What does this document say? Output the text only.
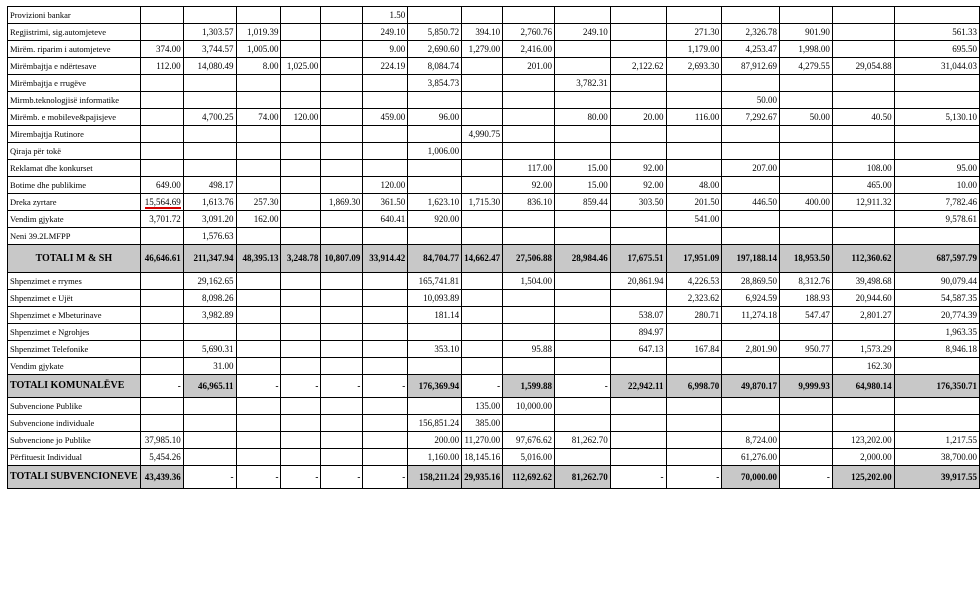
Provizioni bankar						1.50										
Regjistrimi, sig.automjeteve		1,303.57	1,019.39			249.10	5,850.72	394.10	2,760.76	249.10		271.30	2,326.78	901.90		561.33
Mirëm. riparim i automjeteve	374.00	3,744.57	1,005.00			9.00	2,690.60	1,279.00	2,416.00			1,179.00	4,253.47	1,998.00		695.50
Mirëmbajtja e ndërtesave	112.00	14,080.49	8.00	1,025.00		224.19	8,084.74		201.00		2,122.62	2,693.30	87,912.69	4,279.55	29,054.88	31,044.03
Mirëmbajtja e rrugëve							3,854.73			3,782.31						
Mirmb.teknologjisë informatike													50.00			
Mirëmb. e mobileve&pajisjeve		4,700.25	74.00	120.00		459.00	96.00			80.00	20.00	116.00	7,292.67	50.00	40.50	5,130.10
Mirembajtja Rutinore								4,990.75								
Qiraja për tokë							1,006.00									
Reklamat dhe konkurset									117.00	15.00	92.00		207.00		108.00	95.00
Botime dhe publikime	649.00	498.17				120.00			92.00	15.00	92.00	48.00			465.00	10.00
Dreka zyrtare	15,564.69	1,613.76	257.30		1,869.30	361.50	1,623.10	1,715.30	836.10	859.44	303.50	201.50	446.50	400.00	12,911.32	7,782.46
Vendim gjykate	3,701.72	3,091.20	162.00			640.41	920.00					541.00				9,578.61
Neni 39.2LMFPP		1,576.63														
TOTALI M & SH	46,646.61	211,347.94	48,395.13	3,248.78	10,807.09	33,914.42	84,704.77	14,662.47	27,506.88	28,984.46	17,675.51	17,951.09	197,188.14	18,953.50	112,360.62	687,597.79
Shpenzimet e rrymes		29,162.65					165,741.81		1,504.00		20,861.94	4,226.53	28,869.50	8,312.76	39,498.68	90,079.44
Shpenzimet e Ujët		8,098.26					10,093.89					2,323.62	6,924.59	188.93	20,944.60	54,587.35
Shpenzimet e Mbeturinave		3,982.89					181.14				538.07	280.71	11,274.18	547.47	2,801.27	20,774.39
Shpenzimet e Ngrohjes											894.97					1,963.35
Shpenzimet Telefonike		5,690.31					353.10		95.88		647.13	167.84	2,801.90	950.77	1,573.29	8,946.18
Vendim gjykate		31.00													162.30	
TOTALI KOMUNALËVE	-	46,965.11	-	-	-	-	176,369.94	-	1,599.88	-	22,942.11	6,998.70	49,870.17	9,999.93	64,980.14	176,350.71
Subvencione Publike								135.00	10,000.00							
Subvencione individuale							156,851.24	385.00								
Subvencione jo Publike	37,985.10						200.00	11,270.00	97,676.62	81,262.70			8,724.00		123,202.00	1,217.55
Përfituesit Individual	5,454.26						1,160.00	18,145.16	5,016.00				61,276.00		2,000.00	38,700.00
TOTALI SUBVENCIONEVE	43,439.36	-	-	-	-	-	158,211.24	29,935.16	112,692.62	81,262.70	-	-	70,000.00	-	125,202.00	39,917.55
